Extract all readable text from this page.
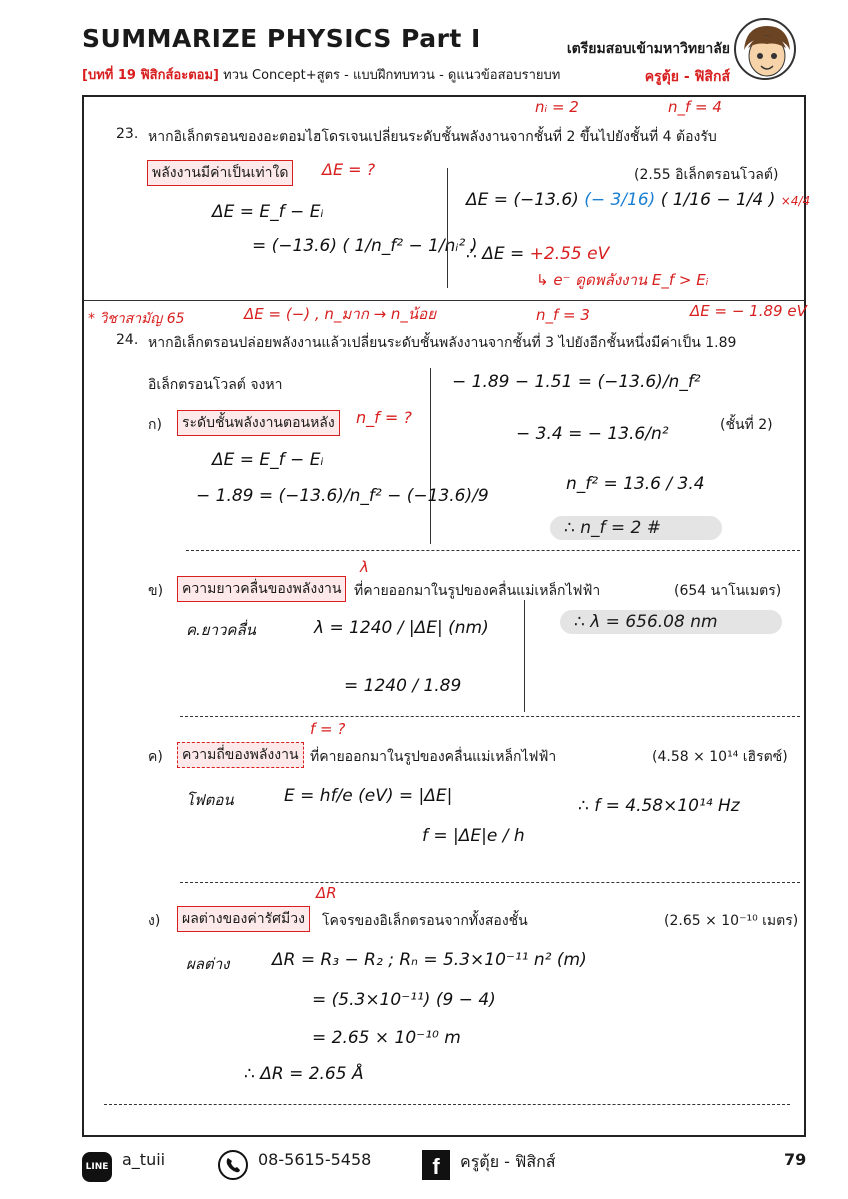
SUMMARIZE PHYSICS Part I
[บทที่ 19 ฟิสิกส์อะตอม] ทวน Concept+สูตร - แบบฝึกทบทวน - ดูแนวข้อสอบรายบท
เตรียมสอบเข้ามหาวิทยาลัย
ครูตุ้ย - ฟิสิกส์
nᵢ = 2	n_f = 4
23. หากอิเล็กตรอนของอะตอมไฮโดรเจนเปลี่ยนระดับชั้นพลังงานจากชั้นที่ 2 ขึ้นไปยังชั้นที่ 4 ต้องรับ
พลังงานมีค่าเป็นเท่าใด	ΔE = ?	(2.55 อิเล็กตรอนโวลต์)
ΔE = E_f − Eᵢ
= (−13.6) ( 1/n_f² − 1/nᵢ² )
ΔE = (−13.6) (− 3/16) ( 1/16 − 1/4 ) ×4/4
∴ ΔE = +2.55 eV
↳ e⁻ ดูดพลังงาน E_f > Eᵢ
* วิชาสามัญ 65	ΔE = (−) , n_มาก → n_น้อย	n_f = 3	ΔE = − 1.89 eV
24. หากอิเล็กตรอนปล่อยพลังงานแล้วเปลี่ยนระดับชั้นพลังงานจากชั้นที่ 3 ไปยังอีกชั้นหนึ่งมีค่าเป็น 1.89
อิเล็กตรอนโวลต์ จงหา
ก)	ระดับชั้นพลังงานตอนหลัง	n_f = ?	(ชั้นที่ 2)
ΔE = E_f − Eᵢ
− 1.89 = (−13.6)/n_f² − (−13.6)/9
− 1.89 − 1.51 = (−13.6)/n_f²
− 3.4 = − 13.6/n²
n_f² = 13.6 / 3.4
∴ n_f = 2 #
λ
ข)	ความยาวคลื่นของพลังงาน ที่คายออกมาในรูปของคลื่นแม่เหล็กไฟฟ้า	(654 นาโนเมตร)
ค.ยาวคลื่น	λ = 1240 / |ΔE| (nm)
= 1240 / 1.89
∴ λ = 656.08 nm
f = ?
ค)	ความถี่ของพลังงาน ที่คายออกมาในรูปของคลื่นแม่เหล็กไฟฟ้า	(4.58 × 10¹⁴ เฮิรตซ์)
โฟตอน	E = hf/e (eV) = |ΔE|
f = |ΔE|e / h
∴ f = 4.58×10¹⁴ Hz
ΔR
ง)	ผลต่างของค่ารัศมีวง	โคจรของอิเล็กตรอนจากทั้งสองชั้น	(2.65 × 10⁻¹⁰ เมตร)
ผลต่าง	ΔR = R₃ − R₂ ; Rₙ = 5.3×10⁻¹¹ n² (m)
= (5.3×10⁻¹¹) (9 − 4)
= 2.65 × 10⁻¹⁰ m
∴ ΔR = 2.65 Å
LINE a_tuii	08-5615-5458	f	ครูตุ้ย - ฟิสิกส์	79
